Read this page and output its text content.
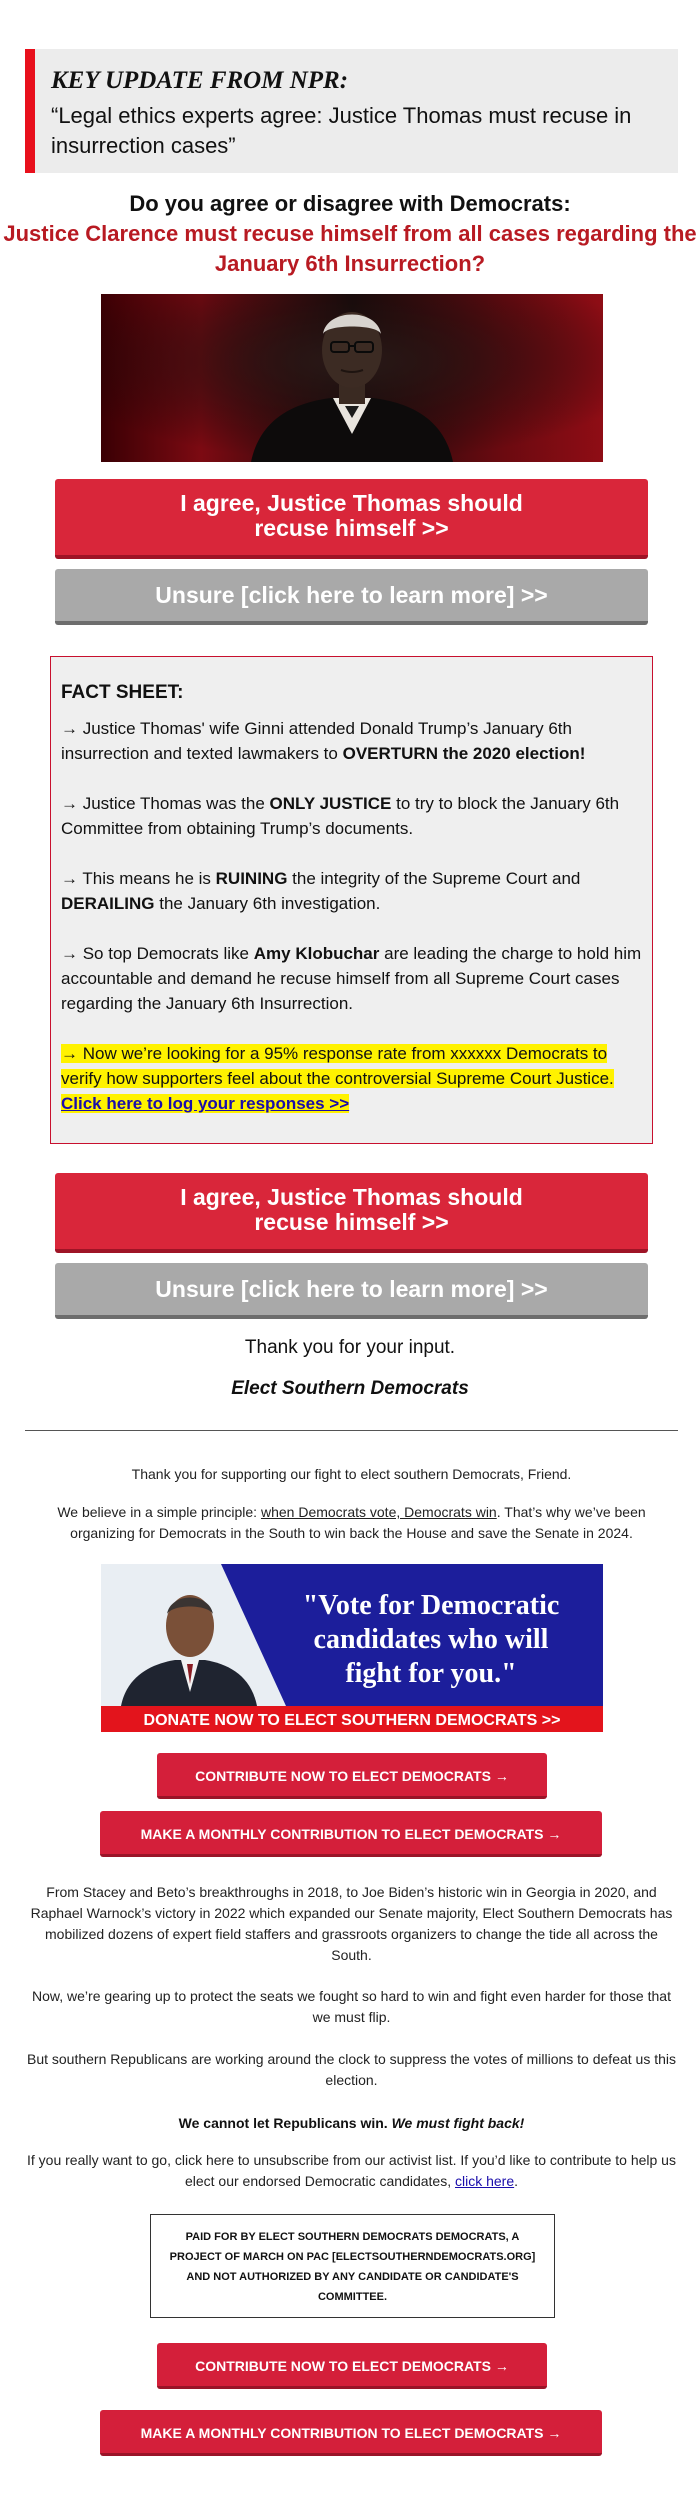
KEY UPDATE FROM NPR:
“Legal ethics experts agree: Justice Thomas must recuse in insurrection cases”
Do you agree or disagree with Democrats:
Justice Clarence must recuse himself from all cases regarding the January 6th Insurrection?
I agree, Justice Thomas should recuse himself >>
Unsure [click here to learn more] >>
FACT SHEET:

→ Justice Thomas' wife Ginni attended Donald Trump’s January 6th insurrection and texted lawmakers to OVERTURN the 2020 election!

→ Justice Thomas was the ONLY JUSTICE to try to block the January 6th Committee from obtaining Trump’s documents.

→ This means he is RUINING the integrity of the Supreme Court and DERAILING the January 6th investigation.

→ So top Democrats like Amy Klobuchar are leading the charge to hold him accountable and demand he recuse himself from all Supreme Court cases regarding the January 6th Insurrection.

→ Now we’re looking for a 95% response rate from xxxxxx Democrats to verify how supporters feel about the controversial Supreme Court Justice. Click here to log your responses >>

I agree, Justice Thomas should recuse himself >>
Unsure [click here to learn more] >>
Thank you for your input.
Elect Southern Democrats

Thank you for supporting our fight to elect southern Democrats, Friend.

We believe in a simple principle: when Democrats vote, Democrats win. That’s why we’ve been organizing for Democrats in the South to win back the House and save the Senate in 2024.

"Vote for Democratic
candidates who will
fight for you."
DONATE NOW TO ELECT SOUTHERN DEMOCRATS >>
CONTRIBUTE NOW TO ELECT DEMOCRATS →
MAKE A MONTHLY CONTRIBUTION TO ELECT DEMOCRATS →

From Stacey and Beto’s breakthroughs in 2018, to Joe Biden’s historic win in Georgia in 2020, and Raphael Warnock’s victory in 2022 which expanded our Senate majority, Elect Southern Democrats has mobilized dozens of expert field staffers and grassroots organizers to change the tide all across the South.

Now, we’re gearing up to protect the seats we fought so hard to win and fight even harder for those that we must flip.

But southern Republicans are working around the clock to suppress the votes of millions to defeat us this election.

We cannot let Republicans win. We must fight back!

If you really want to go, click here to unsubscribe from our activist list. If you’d like to contribute to help us elect our endorsed Democratic candidates, click here.

PAID FOR BY ELECT SOUTHERN DEMOCRATS DEMOCRATS, A PROJECT OF MARCH ON PAC [ELECTSOUTHERNDEMOCRATS.ORG] AND NOT AUTHORIZED BY ANY CANDIDATE OR CANDIDATE'S COMMITTEE.
CONTRIBUTE NOW TO ELECT DEMOCRATS →
MAKE A MONTHLY CONTRIBUTION TO ELECT DEMOCRATS →
